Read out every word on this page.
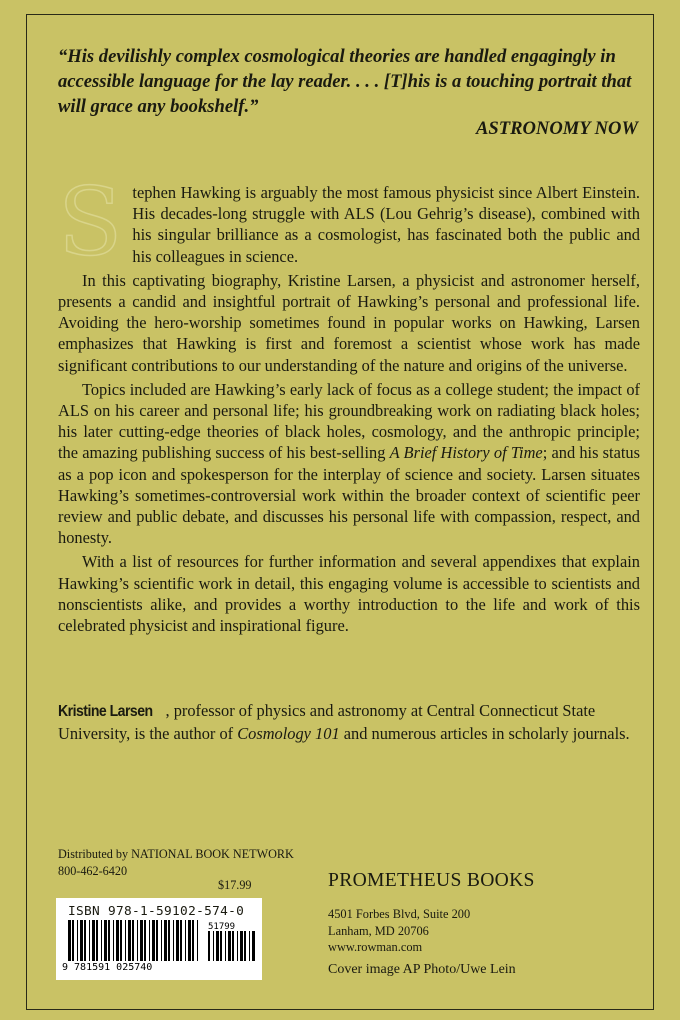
“His devilishly complex cosmological theories are handled engagingly in accessible language for the lay reader. . . . [T]his is a touching portrait that will grace any bookshelf.”

ASTRONOMY NOW

Stephen Hawking is arguably the most famous physicist since Albert Einstein. His decades-long struggle with ALS (Lou Gehrig’s disease), combined with his singular brilliance as a cosmologist, has fascinated both the public and his colleagues in science.

In this captivating biography, Kristine Larsen, a physicist and astronomer herself, presents a candid and insightful portrait of Hawking’s personal and professional life. Avoiding the hero-worship sometimes found in popular works on Hawking, Larsen emphasizes that Hawking is first and foremost a scientist whose work has made significant contributions to our understanding of the nature and origins of the universe.

Topics included are Hawking’s early lack of focus as a college student; the impact of ALS on his career and personal life; his groundbreaking work on radiating black holes; his later cutting-edge theories of black holes, cosmology, and the anthropic principle; the amazing publishing success of his best-selling A Brief History of Time; and his status as a pop icon and spokesperson for the interplay of science and society. Larsen situates Hawking’s sometimes-controversial work within the broader context of scientific peer review and public debate, and discusses his personal life with compassion, respect, and honesty.

With a list of resources for further information and several appendixes that explain Hawking’s scientific work in detail, this engaging volume is accessible to scientists and nonscientists alike, and provides a worthy introduction to the life and work of this celebrated physicist and inspirational figure.

Kristine Larsen , professor of physics and astronomy at Central Connecticut State University, is the author of Cosmology 101 and numerous articles in scholarly journals.

Distributed by NATIONAL BOOK NETWORK
800-462-6420

$17.99

ISBN 978-1-59102-574-0

9 781591 025740
51799

PROMETHEUS BOOKS

4501 Forbes Blvd, Suite 200
Lanham, MD 20706
www.rowman.com

Cover image AP Photo/Uwe Lein
